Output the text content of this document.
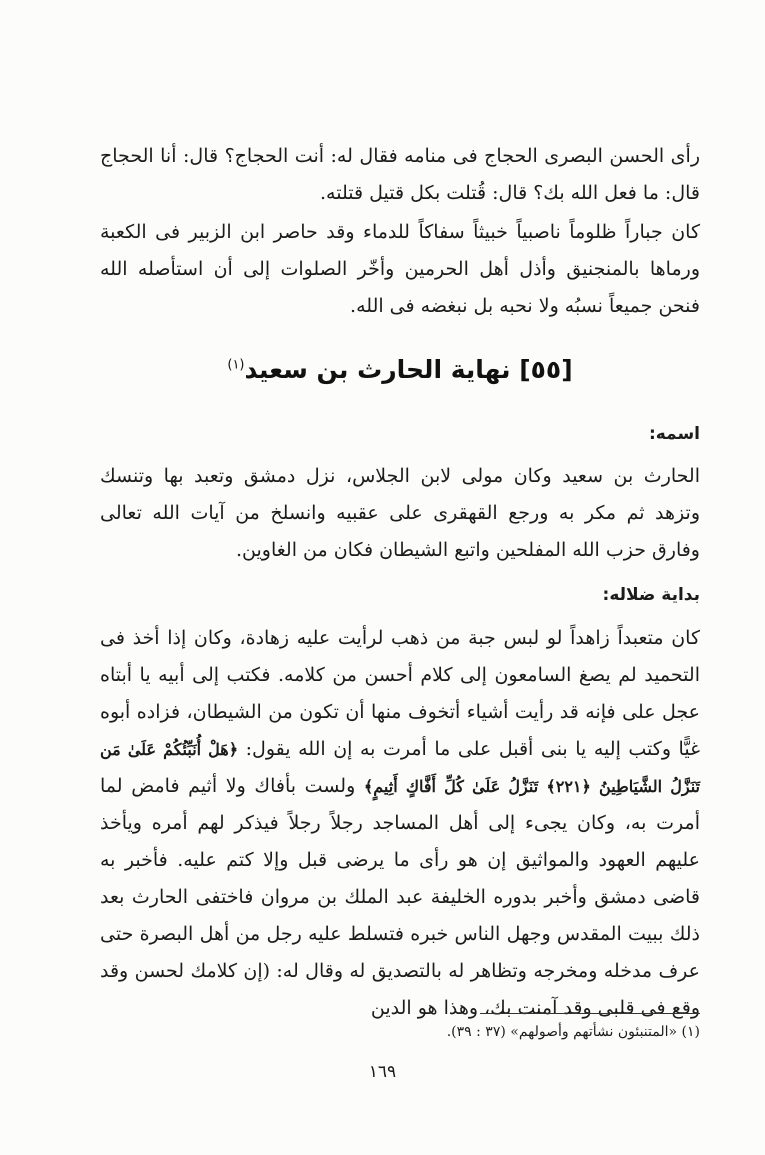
رأى الحسن البصرى الحجاج فى منامه فقال له: أنت الحجاج؟ قال: أنا الحجاج قال: ما فعل الله بك؟ قال: قُتلت بكل قتيل قتلته.

كان جباراً ظلوماً ناصبياً خبيثاً سفاكاً للدماء وقد حاصر ابن الزبير فى الكعبة ورماها بالمنجنيق وأذل أهل الحرمين وأخّر الصلوات إلى أن استأصله الله فنحن جميعاً نسبُه ولا نحبه بل نبغضه فى الله.

[٥٥] نهاية الحارث بن سعيد$^{(١)}$
اسمه:

الحارث بن سعيد وكان مولى لابن الجلاس، نزل دمشق وتعبد بها وتنسك وتزهد ثم مكر به ورجع القهقرى على عقبيه وانسلخ من آيات الله تعالى وفارق حزب الله المفلحين واتبع الشيطان فكان من الغاوين.

بداية ضلاله:

كان متعبداً زاهداً لو لبس جبة من ذهب لرأيت عليه زهادة، وكان إذا أخذ فى التحميد لم يصغ السامعون إلى كلام أحسن من كلامه. فكتب إلى أبيه يا أبتاه عجل على فإنه قد رأيت أشياء أتخوف منها أن تكون من الشيطان، فزاده أبوه غيًّا وكتب إليه يا بنى أقبل على ما أمرت به إن الله يقول: ﴿هَلْ أُنَبِّئُكُمْ عَلَىٰ مَن تَنَزَّلُ الشَّيَاطِينُ ﴿٢٢١﴾ تَنَزَّلُ عَلَىٰ كُلِّ أَفَّاكٍ أَثِيمٍ﴾ ولست بأفاك ولا أثيم فامض لما أمرت به، وكان يجىء إلى أهل المساجد رجلاً رجلاً فيذكر لهم أمره ويأخذ عليهم العهود والمواثيق إن هو رأى ما يرضى قبل وإلا كتم عليه. فأخبر به قاضى دمشق وأخبر بدوره الخليفة عبد الملك بن مروان فاختفى الحارث بعد ذلك ببيت المقدس وجهل الناس خبره فتسلط عليه رجل من أهل البصرة حتى عرف مدخله ومخرجه وتظاهر له بالتصديق له وقال له: (إن كلامك لحسن وقد وقع فى قلبى وقد آمنت بك، وهذا هو الدين

(١) «المتنبئون نشأتهم وأصولهم» (٣٧ : ٣٩).
١٦٩
